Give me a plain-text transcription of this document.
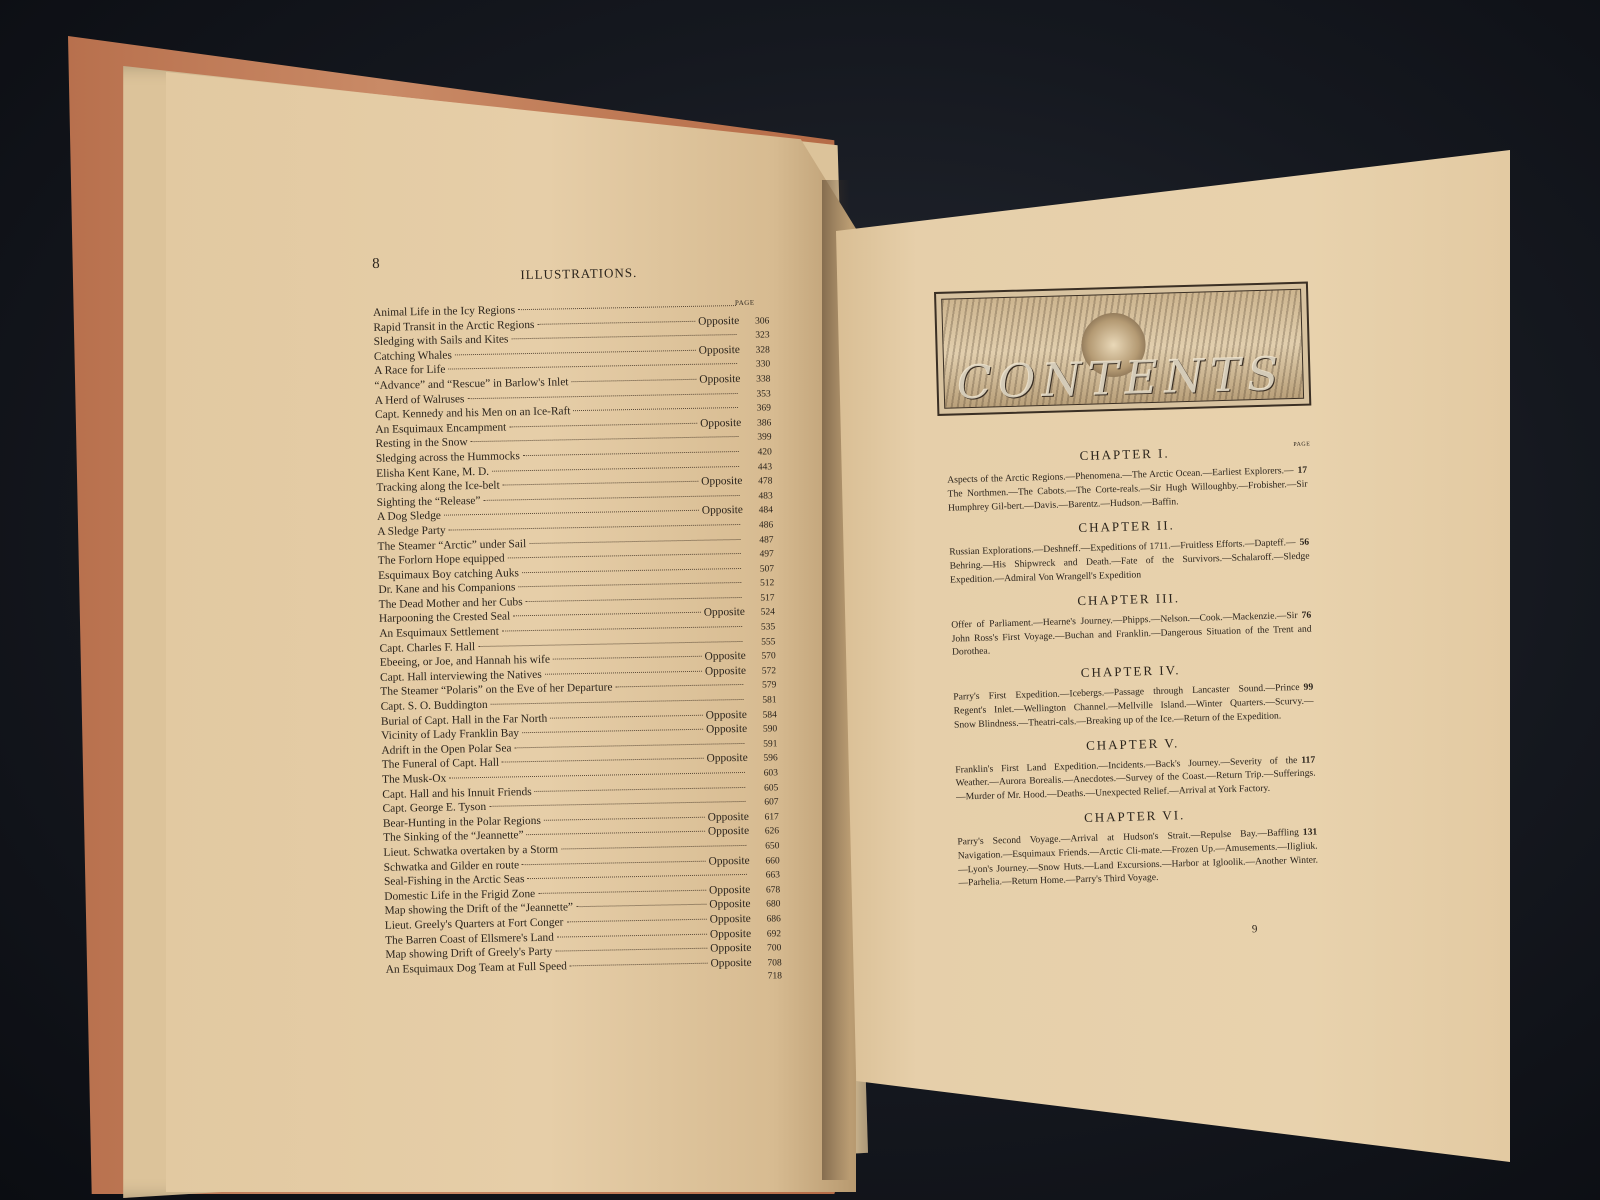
8
ILLUSTRATIONS.
PAGE
Animal Life in the Icy Regions
Rapid Transit in the Arctic Regions	Opposite	306
Sledging with Sails and Kites	323
Catching Whales	Opposite	328
A Race for Life	330
“Advance” and “Rescue” in Barlow's Inlet	Opposite	338
A Herd of Walruses	353
Capt. Kennedy and his Men on an Ice-Raft	369
An Esquimaux Encampment	Opposite	386
Resting in the Snow	399
Sledging across the Hummocks	420
Elisha Kent Kane, M. D.	443
Tracking along the Ice-belt	Opposite	478
Sighting the “Release”	483
A Dog Sledge	Opposite	484
A Sledge Party	486
The Steamer “Arctic” under Sail	487
The Forlorn Hope equipped	497
Esquimaux Boy catching Auks	507
Dr. Kane and his Companions	512
The Dead Mother and her Cubs	517
Harpooning the Crested Seal	Opposite	524
An Esquimaux Settlement	535
Capt. Charles F. Hall	555
Ebeeing, or Joe, and Hannah his wife	Opposite	570
Capt. Hall interviewing the Natives	Opposite	572
The Steamer “Polaris” on the Eve of her Departure	579
Capt. S. O. Buddington	581
Burial of Capt. Hall in the Far North	Opposite	584
Vicinity of Lady Franklin Bay	Opposite	590
Adrift in the Open Polar Sea	591
The Funeral of Capt. Hall	Opposite	596
The Musk-Ox	603
Capt. Hall and his Innuit Friends	605
Capt. George E. Tyson	607
Bear-Hunting in the Polar Regions	Opposite	617
The Sinking of the “Jeannette”	Opposite	626
Lieut. Schwatka overtaken by a Storm	650
Schwatka and Gilder en route	Opposite	660
Seal-Fishing in the Arctic Seas	663
Domestic Life in the Frigid Zone	Opposite	678
Map showing the Drift of the “Jeannette”	Opposite	680
Lieut. Greely's Quarters at Fort Conger	Opposite	686
The Barren Coast of Ellsmere's Land	Opposite	692
Map showing Drift of Greely's Party	Opposite	700
An Esquimaux Dog Team at Full Speed	Opposite	708
718
CONTENTS
PAGE
CHAPTER I.
17
Aspects of the Arctic Regions.—Phenomena.—The Arctic Ocean.—Earliest Explorers.—The Northmen.—The Cabots.—The Corte-reals.—Sir Hugh Willoughby.—Frobisher.—Sir Humphrey Gil-bert.—Davis.—Barentz.—Hudson.—Baffin.
CHAPTER II.
56
Russian Explorations.—Deshneff.—Expeditions of 1711.—Fruitless Efforts.—Dapteff.—Behring.—His Shipwreck and Death.—Fate of the Survivors.—Schalaroff.—Sledge Expedition.—Admiral Von Wrangell's Expedition
CHAPTER III.
76
Offer of Parliament.—Hearne's Journey.—Phipps.—Nelson.—Cook.—Mackenzie.—Sir John Ross's First Voyage.—Buchan and Franklin.—Dangerous Situation of the Trent and Dorothea.
CHAPTER IV.
99
Parry's First Expedition.—Icebergs.—Passage through Lancaster Sound.—Prince Regent's Inlet.—Wellington Channel.—Mellville Island.—Winter Quarters.—Scurvy.—Snow Blindness.—Theatri-cals.—Breaking up of the Ice.—Return of the Expedition.
CHAPTER V.
117
Franklin's First Land Expedition.—Incidents.—Back's Journey.—Severity of the Weather.—Aurora Borealis.—Anecdotes.—Survey of the Coast.—Return Trip.—Sufferings.—Murder of Mr. Hood.—Deaths.—Unexpected Relief.—Arrival at York Factory.
CHAPTER VI.
131
Parry's Second Voyage.—Arrival at Hudson's Strait.—Repulse Bay.—Baffling Navigation.—Esquimaux Friends.—Arctic Cli-mate.—Frozen Up.—Amusements.—Iligliuk.—Lyon's Journey.—Snow Huts.—Land Excursions.—Harbor at Igloolik.—Another Winter.—Parhelia.—Return Home.—Parry's Third Voyage.
9
